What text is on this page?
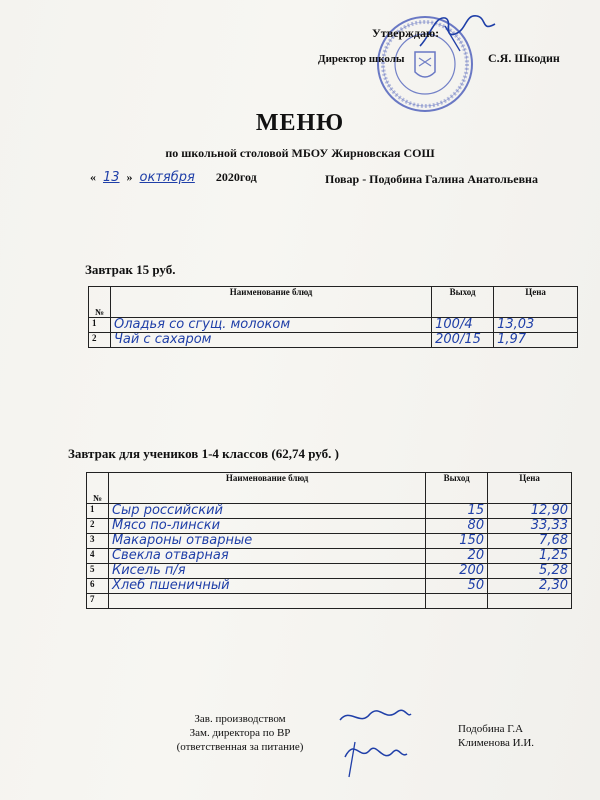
Утверждаю:
Директор школы	С.Я. Шкодин
МЕНЮ
по школьной столовой МБОУ Жирновская СОШ
« 13 » октября 2020год	Повар - Подобина Галина Анатольевна
Завтрак 15 руб.
№	Наименование блюд	Выход	Цена
1	Оладья со сгущ. молоком	100/4	13,03
2	Чай с сахаром	200/15	1,97
Завтрак для учеников 1-4 классов (62,74 руб. )
№	Наименование блюд	Выход	Цена
1	Сыр российский	15	12,90
2	Мясо по-лински	80	33,33
3	Макароны отварные	150	7,68
4	Свекла отварная	20	1,25
5	Кисель п/я	200	5,28
6	Хлеб пшеничный	50	2,30
7			
Зав. производством
Зам. директора по ВР
(ответственная за питание)
Подобина Г.А
Клименова И.И.
